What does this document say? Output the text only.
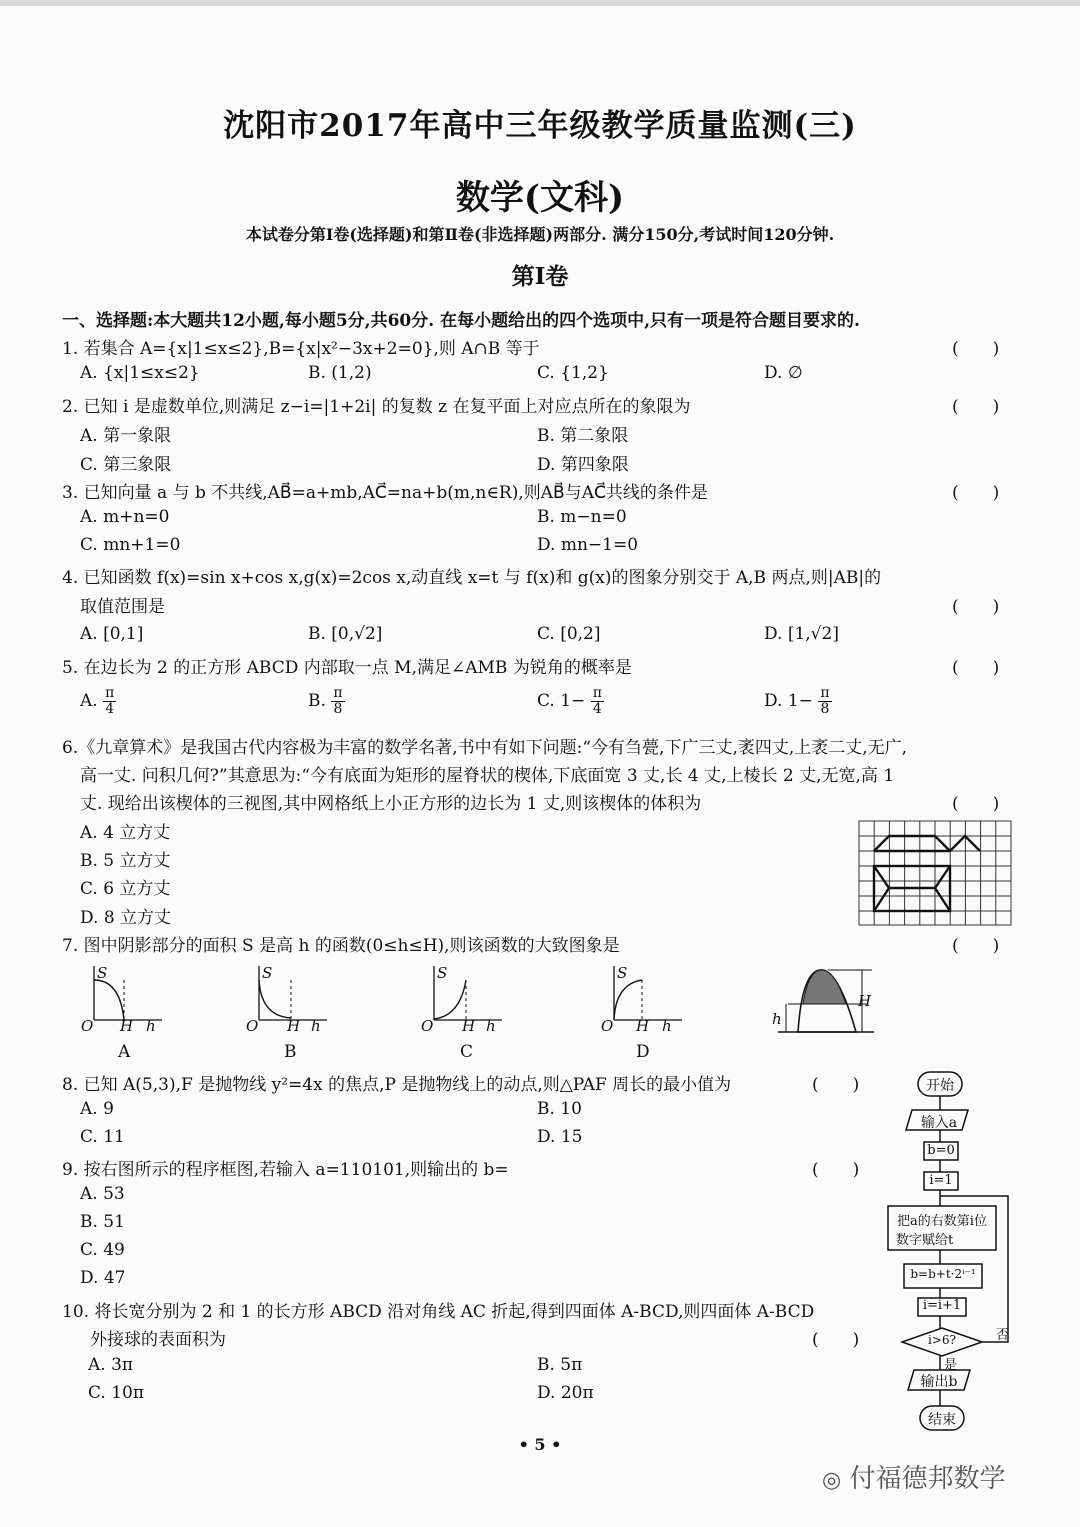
沈阳市2017年高中三年级教学质量监测(三)
数学(文科)
本试卷分第Ⅰ卷(选择题)和第Ⅱ卷(非选择题)两部分. 满分150分,考试时间120分钟.
第Ⅰ卷
一、选择题:本大题共12小题,每小题5分,共60分. 在每小题给出的四个选项中,只有一项是符合题目要求的.
1. 若集合 A={x|1≤x≤2},B={x|x²−3x+2=0},则 A∩B 等于	(　　)
A. {x|1≤x≤2}	B. (1,2)	C. {1,2}	D. ∅
2. 已知 i 是虚数单位,则满足 z−i=|1+2i| 的复数 z 在复平面上对应点所在的象限为	(　　)
A. 第一象限	B. 第二象限
C. 第三象限	D. 第四象限
3. 已知向量 a 与 b 不共线,AB⃗=a+mb,AC⃗=na+b(m,n∈R),则AB⃗与AC⃗共线的条件是	(　　)
A. m+n=0	B. m−n=0
C. mn+1=0	D. mn−1=0
4. 已知函数 f(x)=sin x+cos x,g(x)=2cos x,动直线 x=t 与 f(x)和 g(x)的图象分别交于 A,B 两点,则|AB|的
取值范围是	(　　)
A. [0,1]	B. [0,√2]	C. [0,2]	D. [1,√2]
5. 在边长为 2 的正方形 ABCD 内部取一点 M,满足∠AMB 为锐角的概率是	(　　)
A. $\frac{\pi}{4}$	B. $\frac{\pi}{8}$	C. $1- \frac{\pi}{4}$	D. $1- \frac{\pi}{8}$
6.《九章算术》是我国古代内容极为丰富的数学名著,书中有如下问题:“今有刍甍,下广三丈,袤四丈,上袤二丈,无广,
高一丈. 问积几何?”其意思为:“今有底面为矩形的屋脊状的楔体,下底面宽 3 丈,长 4 丈,上棱长 2 丈,无宽,高 1
丈. 现给出该楔体的三视图,其中网格纸上小正方形的边长为 1 丈,则该楔体的体积为	(　　)
A. 4 立方丈
B. 5 立方丈
C. 6 立方丈
D. 8 立方丈
7. 图中阴影部分的面积 S 是高 h 的函数(0≤h≤H),则该函数的大致图象是	(　　)
S
O H h
A
S
O H h
B
S
O H h
C
S
O H h
D
H
h
8. 已知 A(5,3),F 是抛物线 y²=4x 的焦点,P 是抛物线上的动点,则△PAF 周长的最小值为	(　　)
A. 9	B. 10
C. 11	D. 15
9. 按右图所示的程序框图,若输入 a=110101,则输出的 b=	(　　)
A. 53
B. 51
C. 49
D. 47
10. 将长宽分别为 2 和 1 的长方形 ABCD 沿对角线 AC 折起,得到四面体 A-BCD,则四面体 A-BCD
外接球的表面积为	(　　)
A. 3π	B. 5π
C. 10π	D. 20π
开始
输入a
b=0
i=1
把a的右数第i位
数字赋给t
b=b+t·2ⁱ⁻¹
i=i+1
i>6?	否
是
输出b
结束
• 5 •
◎ 付福德邦数学
